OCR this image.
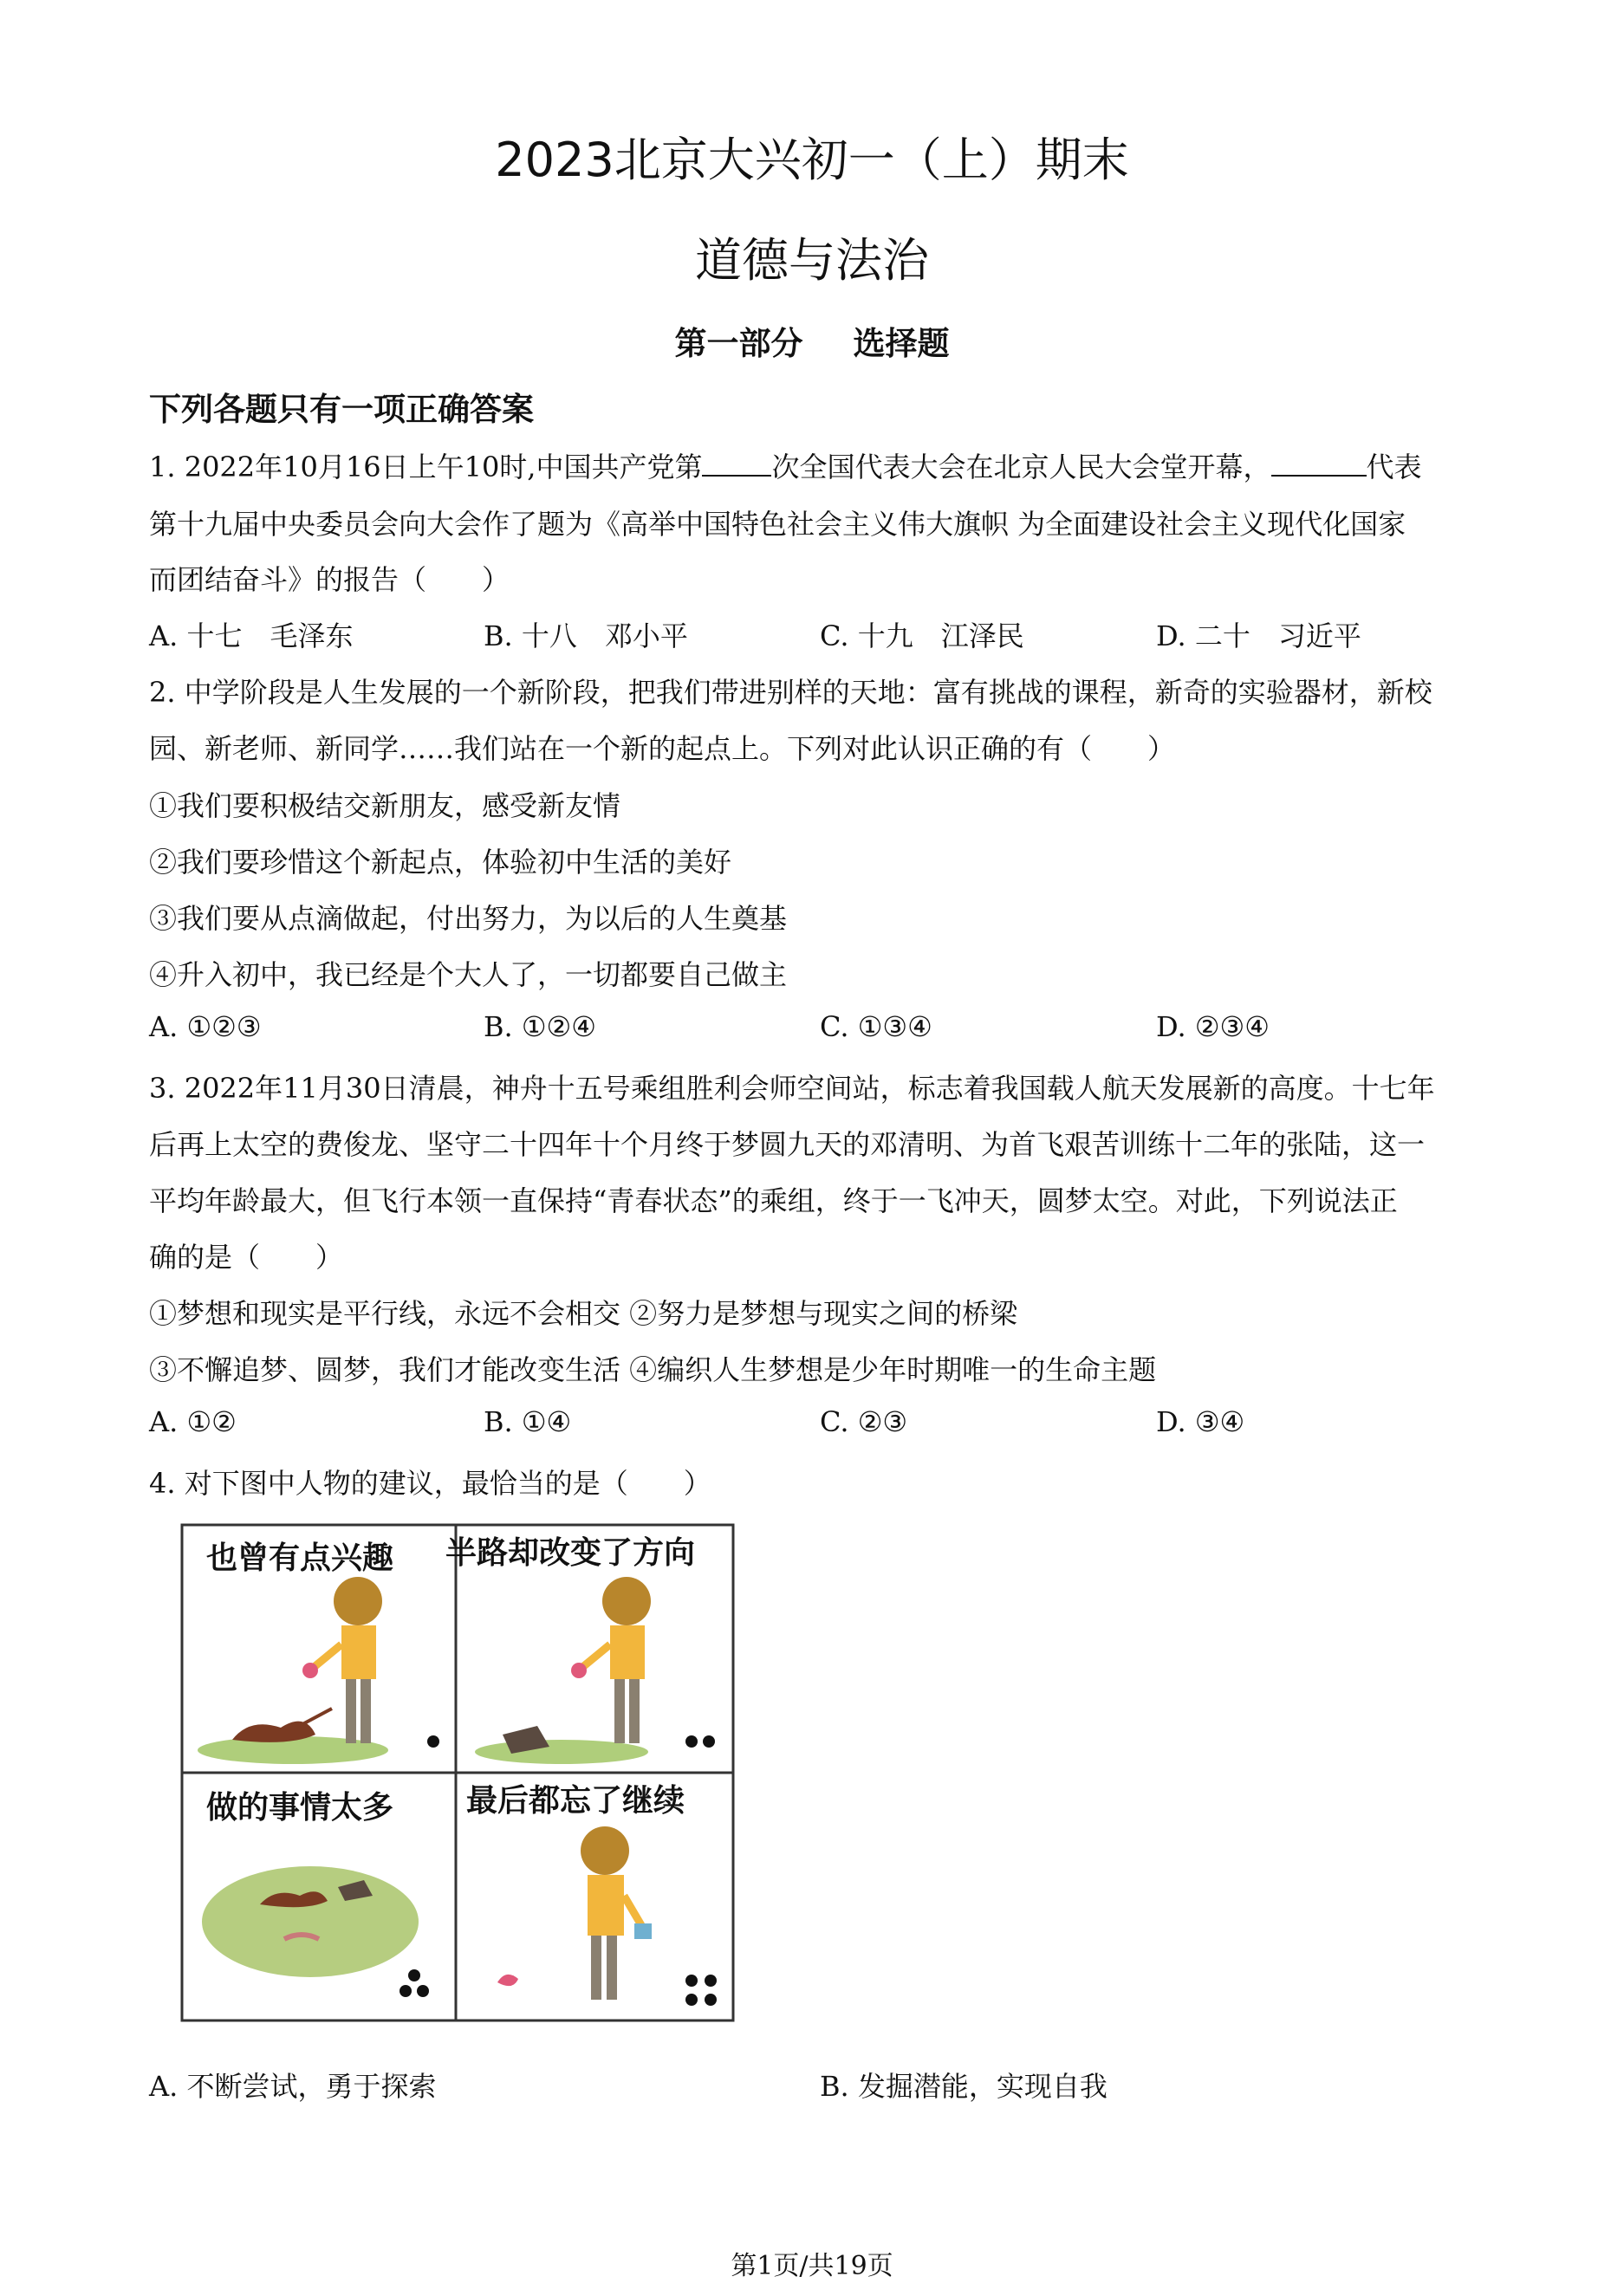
2023北京大兴初一（上）期末
道德与法治
第一部分 选择题
下列各题只有一项正确答案
1. 2022年10月16日上午10时,中国共产党第	次全国代表大会在北京人民大会堂开幕，	代表
第十九届中央委员会向大会作了题为《高举中国特色社会主义伟大旗帜 为全面建设社会主义现代化国家
而团结奋斗》的报告（　　）
A. 十七　毛泽东	B. 十八　邓小平	C. 十九　江泽民	D. 二十　习近平
2. 中学阶段是人生发展的一个新阶段，把我们带进别样的天地：富有挑战的课程，新奇的实验器材，新校
园、新老师、新同学……我们站在一个新的起点上。下列对此认识正确的有（　　）
①我们要积极结交新朋友，感受新友情
②我们要珍惜这个新起点，体验初中生活的美好
③我们要从点滴做起，付出努力，为以后的人生奠基
④升入初中，我已经是个大人了，一切都要自己做主
A. ①②③	B. ①②④	C. ①③④	D. ②③④
3. 2022年11月30日清晨，神舟十五号乘组胜利会师空间站，标志着我国载人航天发展新的高度。十七年
后再上太空的费俊龙、坚守二十四年十个月终于梦圆九天的邓清明、为首飞艰苦训练十二年的张陆，这一
平均年龄最大，但飞行本领一直保持“青春状态”的乘组，终于一飞冲天，圆梦太空。对此，下列说法正
确的是（　　）
①梦想和现实是平行线，永远不会相交 ②努力是梦想与现实之间的桥梁
③不懈追梦、圆梦，我们才能改变生活 ④编织人生梦想是少年时期唯一的生命主题
A. ①②	B. ①④	C. ②③	D. ③④
4. 对下图中人物的建议，最恰当的是（　　）
也曾有点兴趣 半路却改变了方向
做的事情太多 最后都忘了继续
A. 不断尝试，勇于探索	B. 发掘潜能，实现自我
第1页/共19页
